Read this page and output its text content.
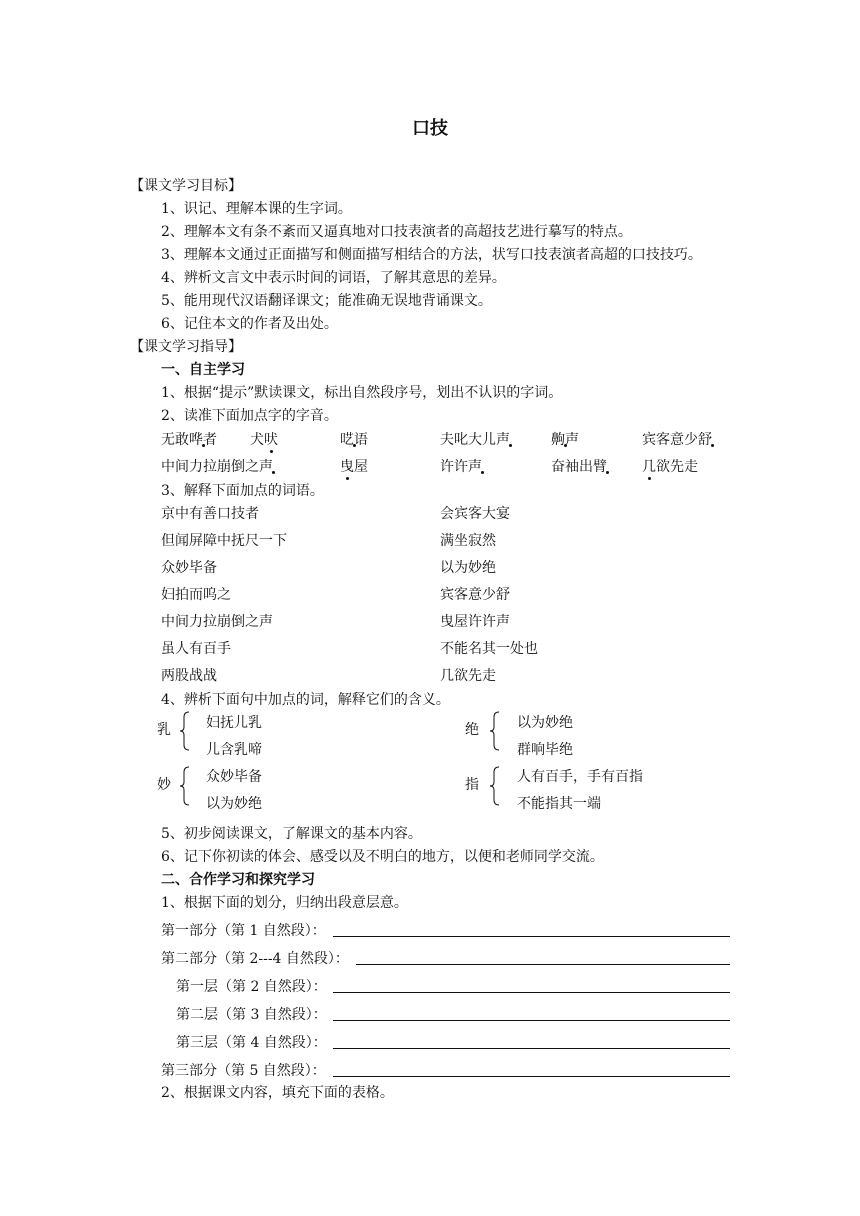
口技
【课文学习目标】
1、识记、理解本课的生字词。
2、理解本文有条不紊而又逼真地对口技表演者的高超技艺进行摹写的特点。
3、理解本文通过正面描写和侧面描写相结合的方法，状写口技表演者高超的口技技巧。
4、辨析文言文中表示时间的词语，了解其意思的差异。
5、能用现代汉语翻译课文；能准确无误地背诵课文。
6、记住本文的作者及出处。
【课文学习指导】
一、自主学习
1、根据“提示”默读课文，标出自然段序号，划出不认识的字词。
2、读准下面加点字的字音。
无敢哗者 犬吠	呓语	夫叱大儿声	齁声	宾客意少舒
中间力拉崩倒之声	曳屋	许许声	奋袖出臂	几欲先走
3、解释下面加点的词语。
京中有善口技者	会宾客大宴
但闻屏障中抚尺一下	满坐寂然
众妙毕备	以为妙绝
妇拍而呜之	宾客意少舒
中间力拉崩倒之声	曳屋许许声
虽人有百手	不能名其一处也
两股战战	几欲先走
4、辨析下面句中加点的词，解释它们的含义。
乳	妇抚儿乳
儿含乳啼
绝	以为妙绝
群响毕绝
妙	众妙毕备
以为妙绝
指	人有百手，手有百指
不能指其一端
5、初步阅读课文，了解课文的基本内容。
6、记下你初读的体会、感受以及不明白的地方，以便和老师同学交流。
二、合作学习和探究学习
1、根据下面的划分，归纳出段意层意。
第一部分（第 1 自然段）：
第二部分（第 2---4 自然段）：
第一层（第 2 自然段）：
第二层（第 3 自然段）：
第三层（第 4 自然段）：
第三部分（第 5 自然段）：
2、根据课文内容，填充下面的表格。
